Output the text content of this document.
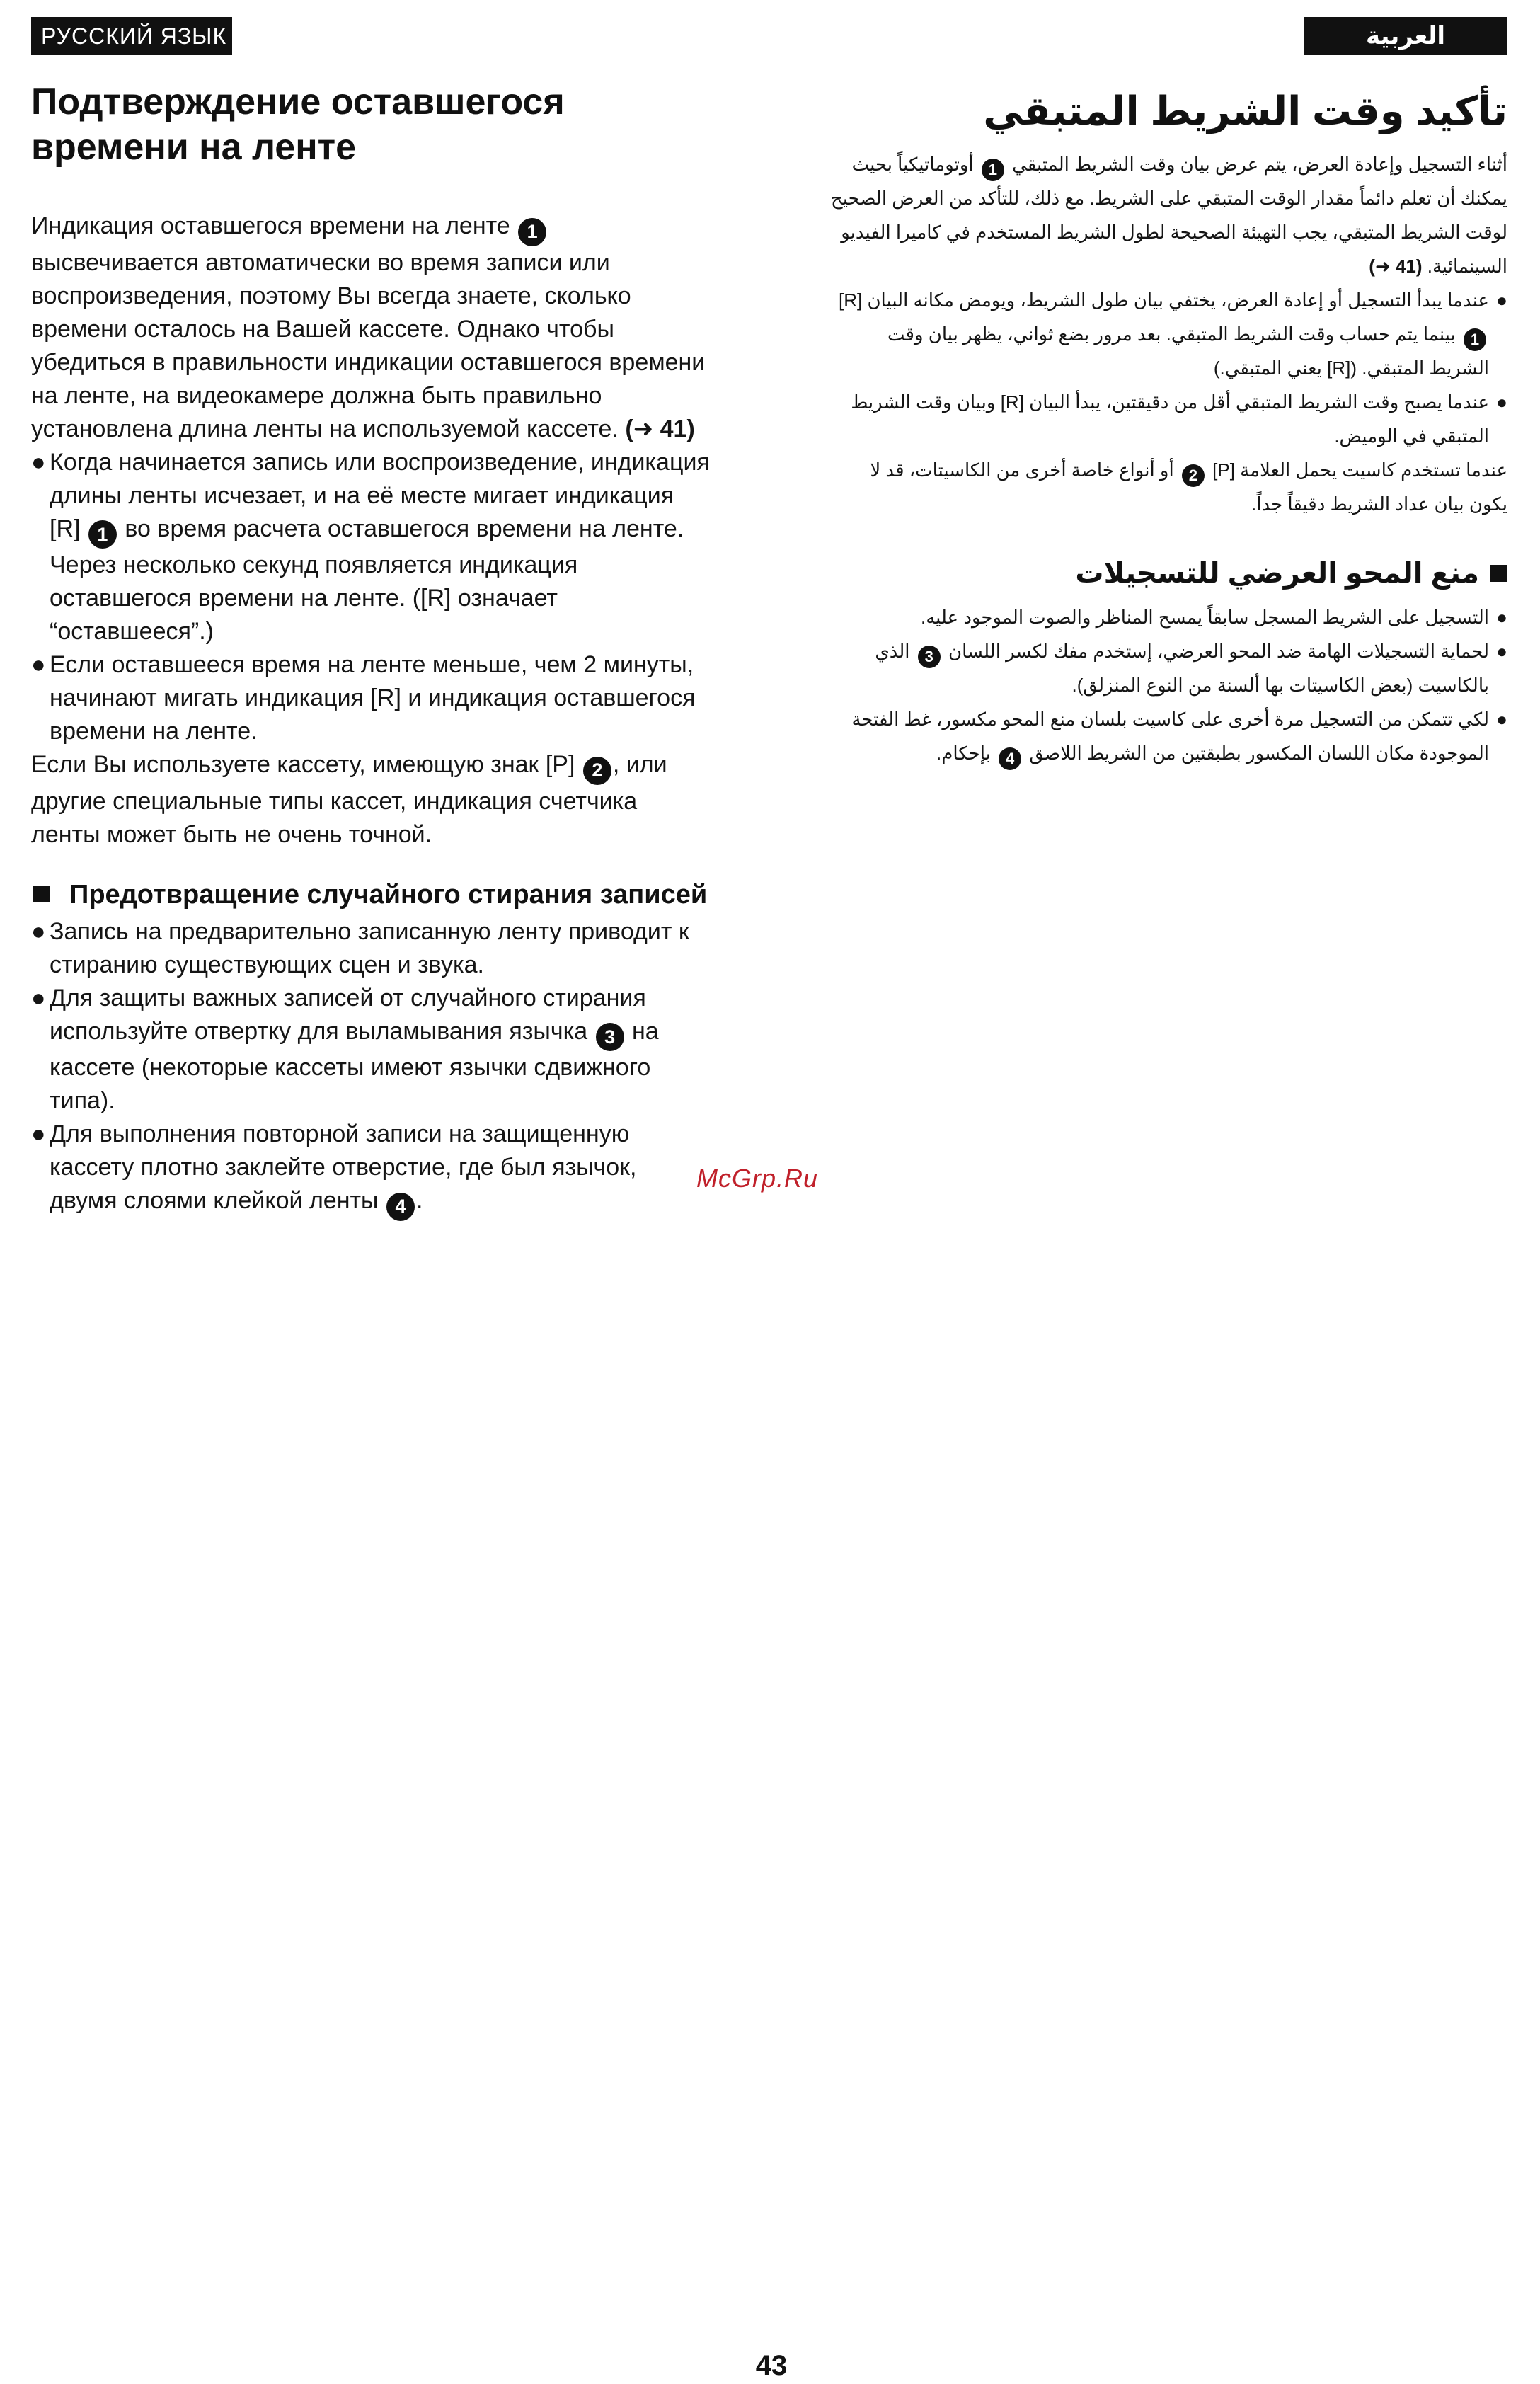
РУССКИЙ ЯЗЫК	العربية
Подтверждение оставшегося времени на ленте

Индикация оставшегося времени на ленте 1 высвечивается автоматически во время записи или воспроизведения, поэтому Вы всегда знаете, сколько времени осталось на Вашей кассете. Однако чтобы убедиться в правильности индикации оставшегося времени на ленте, на видеокамере должна быть правильно установлена длина ленты на используемой кассете. (➜ 41)

● Когда начинается запись или воспроизведение, индикация длины ленты исчезает, и на её месте мигает индикация [R] 1 во время расчета оставшегося времени на ленте. Через несколько секунд появляется индикация оставшегося времени на ленте. ([R] означает “оставшееся”.)

● Если оставшееся время на ленте меньше, чем 2 минуты, начинают мигать индикация [R] и индикация оставшегося времени на ленте.

Если Вы используете кассету, имеющую знак [P] 2 , или другие специальные типы кассет, индикация счетчика ленты может быть не очень точной.

Предотвращение случайного стирания записей

● Запись на предварительно записанную ленту приводит к стиранию существующих сцен и звука.

● Для защиты важных записей от случайного стирания используйте отвертку для выламывания язычка 3 на кассете (некоторые кассеты имеют язычки сдвижного типа).

● Для выполнения повторной записи на защищенную кассету плотно заклейте отверстие, где был язычок, двумя слоями клейкой ленты 4 .

McGrp.Ru
تأكيد وقت الشريط المتبقي

أثناء التسجيل وإعادة العرض، يتم عرض بيان وقت الشريط المتبقي 1 أوتوماتيكياً بحيث يمكنك أن تعلم دائماً مقدار الوقت المتبقي على الشريط. مع ذلك، للتأكد من العرض الصحيح لوقت الشريط المتبقي، يجب التهيئة الصحيحة لطول الشريط المستخدم في كاميرا الفيديو السينمائية. (➜ 41)

●
عندما يبدأ التسجيل أو إعادة العرض، يختفي بيان طول الشريط، ويومض مكانه البيان [R] 1 بينما يتم حساب وقت الشريط المتبقي. بعد مرور بضع ثواني، يظهر بيان وقت الشريط المتبقي. ([R] يعني المتبقي.)

●
عندما يصبح وقت الشريط المتبقي أقل من دقيقتين، يبدأ البيان [R] وبيان وقت الشريط المتبقي في الوميض.

عندما تستخدم كاسيت يحمل العلامة [P] 2 أو أنواع خاصة أخرى من الكاسيتات، قد لا يكون بيان عداد الشريط دقيقاً جداً.

منع المحو العرضي للتسجيلات

●
التسجيل على الشريط المسجل سابقاً يمسح المناظر والصوت الموجود عليه.

●
لحماية التسجيلات الهامة ضد المحو العرضي، إستخدم مفك لكسر اللسان 3 الذي بالكاسيت (بعض الكاسيتات بها ألسنة من النوع المنزلق).

●
لكي تتمكن من التسجيل مرة أخرى على كاسيت بلسان منع المحو مكسور، غط الفتحة الموجودة مكان اللسان المكسور بطبقتين من الشريط اللاصق 4 بإحكام.

43
